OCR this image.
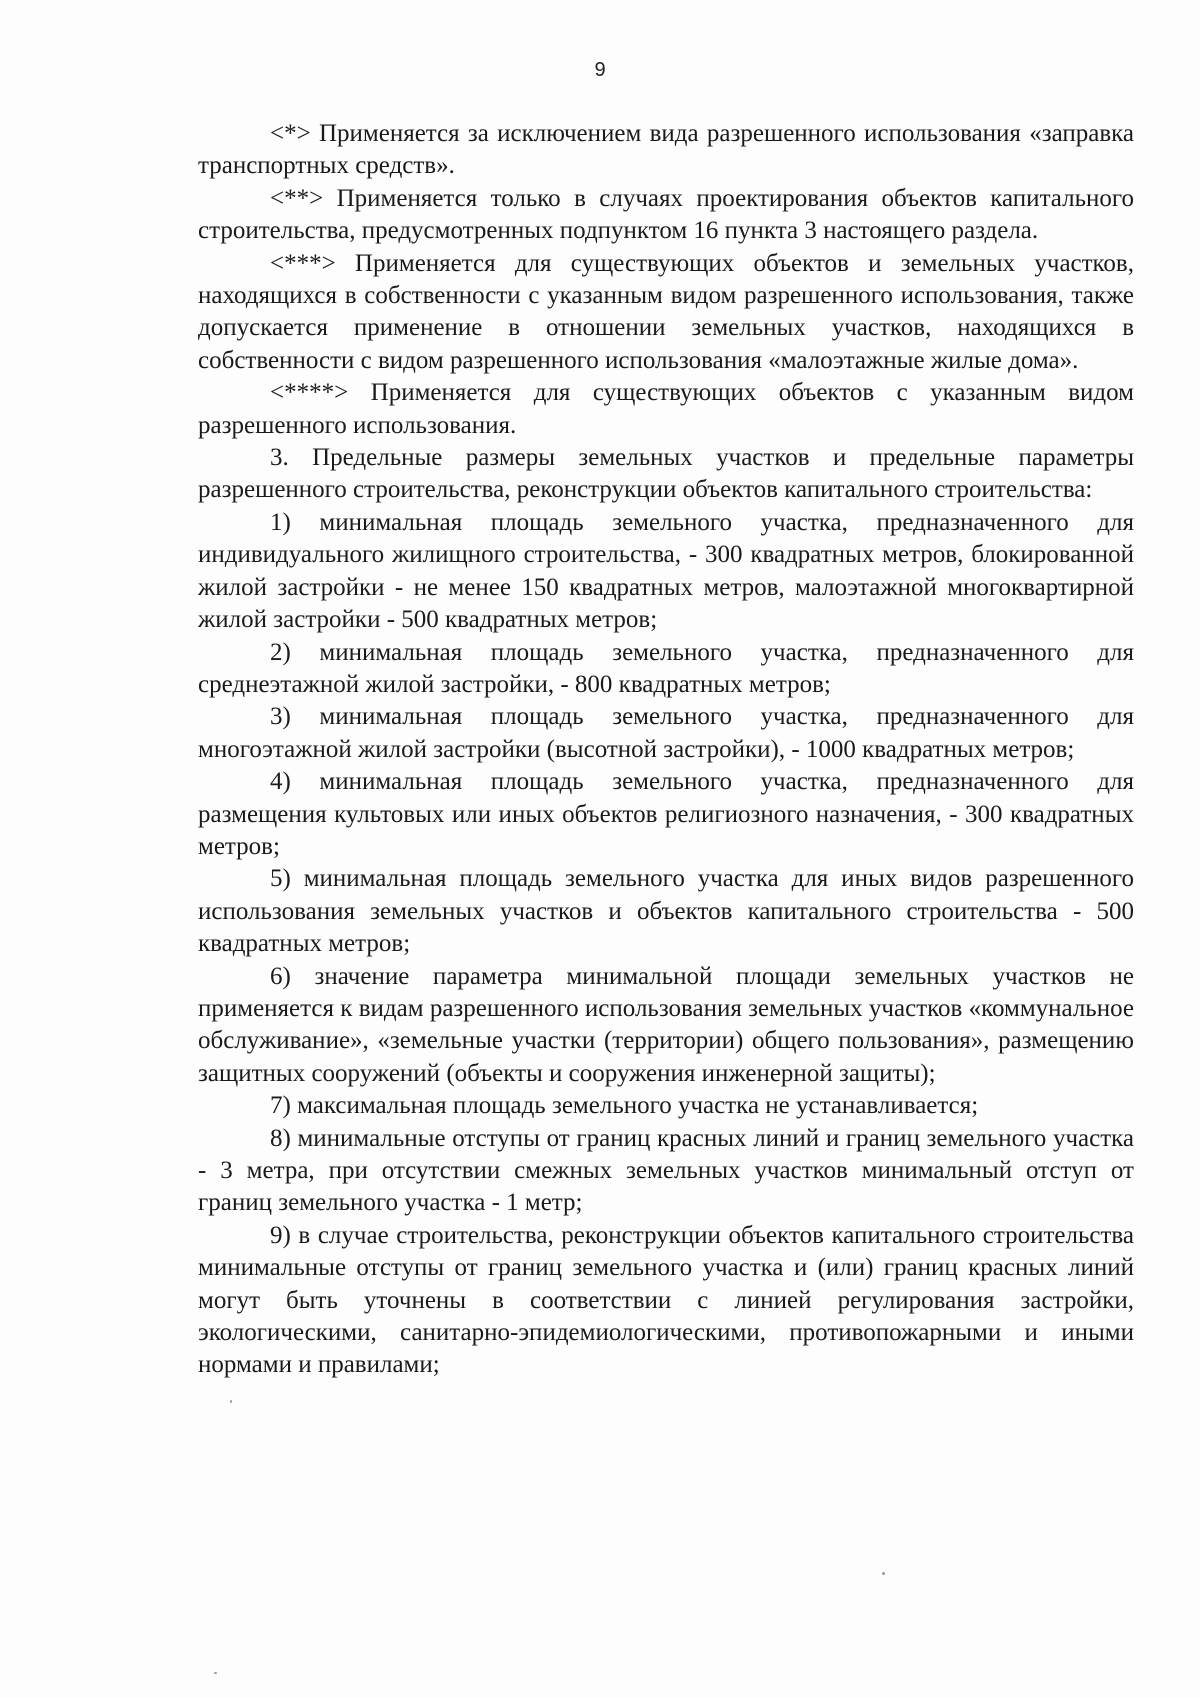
9

<*> Применяется за исключением вида разрешенного использования «заправка транспортных средств».

<**> Применяется только в случаях проектирования объектов капитального строительства, предусмотренных подпунктом 16 пункта 3 настоящего раздела.

<***> Применяется для существующих объектов и земельных участков, находящихся в собственности с указанным видом разрешенного использования, также допускается применение в отношении земельных участков, находящихся в собственности с видом разрешенного использования «малоэтажные жилые дома».

<****> Применяется для существующих объектов с указанным видом разрешенного использования.

3. Предельные размеры земельных участков и предельные параметры разрешенного строительства, реконструкции объектов капитального строительства:

1) минимальная площадь земельного участка, предназначенного для индивидуального жилищного строительства, - 300 квадратных метров, блокированной жилой застройки - не менее 150 квадратных метров, малоэтажной многоквартирной жилой застройки - 500 квадратных метров;

2) минимальная площадь земельного участка, предназначенного для среднеэтажной жилой застройки, - 800 квадратных метров;

3) минимальная площадь земельного участка, предназначенного для многоэтажной жилой застройки (высотной застройки), - 1000 квадратных метров;

4) минимальная площадь земельного участка, предназначенного для размещения культовых или иных объектов религиозного назначения, - 300 квадратных метров;

5) минимальная площадь земельного участка для иных видов разрешенного использования земельных участков и объектов капитального строительства - 500 квадратных метров;

6) значение параметра минимальной площади земельных участков не применяется к видам разрешенного использования земельных участков «коммунальное обслуживание», «земельные участки (территории) общего пользования», размещению защитных сооружений (объекты и сооружения инженерной защиты);

7) максимальная площадь земельного участка не устанавливается;

8) минимальные отступы от границ красных линий и границ земельного участка - 3 метра, при отсутствии смежных земельных участков минимальный отступ от границ земельного участка - 1 метр;

9) в случае строительства, реконструкции объектов капитального строительства минимальные отступы от границ земельного участка и (или) границ красных линий могут быть уточнены в соответствии с линией регулирования застройки, экологическими, санитарно-эпидемиологическими, противопожарными и иными нормами и правилами;
